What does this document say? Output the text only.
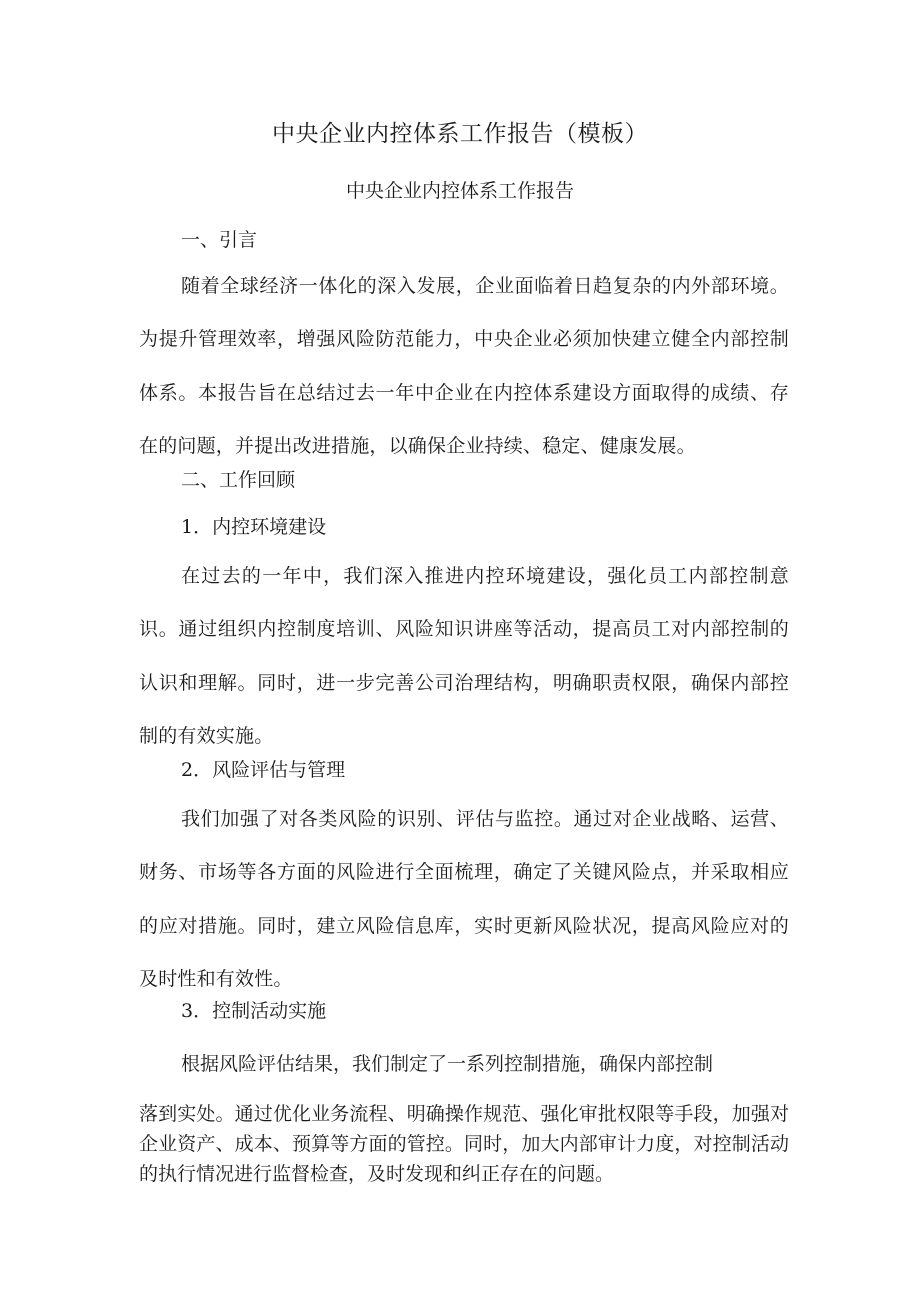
中央企业内控体系工作报告（模板）
中央企业内控体系工作报告
一、引言

随着全球经济一体化的深入发展，企业面临着日趋复杂的内外部环境。为提升管理效率，增强风险防范能力，中央企业必须加快建立健全内部控制体系。本报告旨在总结过去一年中企业在内控体系建设方面取得的成绩、存在的问题，并提出改进措施，以确保企业持续、稳定、健康发展。

二、工作回顾
1．内控环境建设

在过去的一年中，我们深入推进内控环境建设，强化员工内部控制意识。通过组织内控制度培训、风险知识讲座等活动，提高员工对内部控制的认识和理解。同时，进一步完善公司治理结构，明确职责权限，确保内部控制的有效实施。

2．风险评估与管理

我们加强了对各类风险的识别、评估与监控。通过对企业战略、运营、财务、市场等各方面的风险进行全面梳理，确定了关键风险点，并采取相应的应对措施。同时，建立风险信息库，实时更新风险状况，提高风险应对的及时性和有效性。

3．控制活动实施
根据风险评估结果，我们制定了一系列控制措施，确保内部控制

落到实处。通过优化业务流程、明确操作规范、强化审批权限等手段，加强对企业资产、成本、预算等方面的管控。同时，加大内部审计力度，对控制活动的执行情况进行监督检查，及时发现和纠正存在的问题。
